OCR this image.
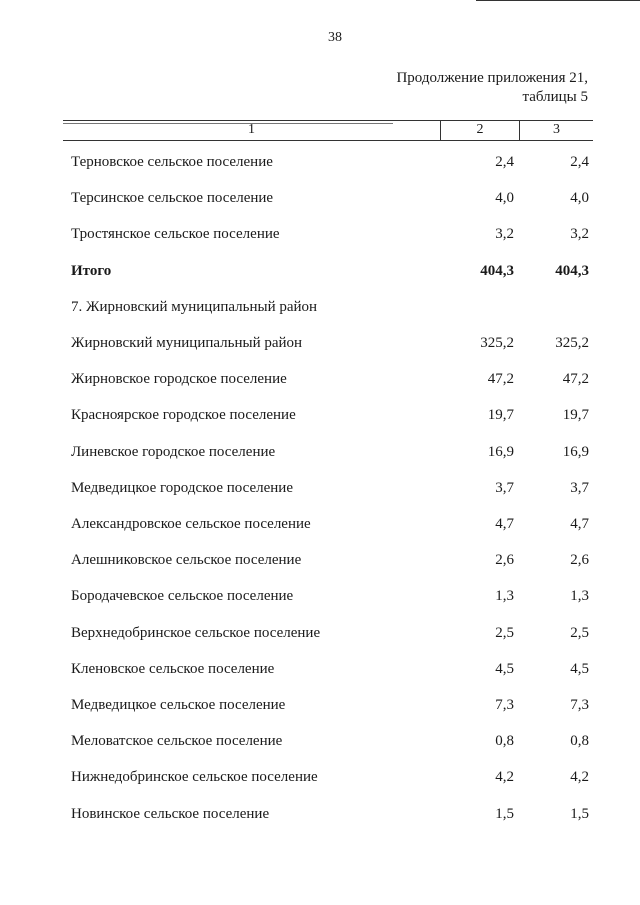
38
Продолжение приложения 21,
таблицы 5
1	2	3
Терновское сельское поселение	2,4	2,4
Терсинское сельское поселение	4,0	4,0
Тростянское сельское поселение	3,2	3,2
Итого	404,3	404,3
7. Жирновский муниципальный район
Жирновский муниципальный район	325,2	325,2
Жирновское городское поселение	47,2	47,2
Красноярское городское поселение	19,7	19,7
Линевское городское поселение	16,9	16,9
Медведицкое городское поселение	3,7	3,7
Александровское сельское поселение	4,7	4,7
Алешниковское сельское поселение	2,6	2,6
Бородачевское сельское поселение	1,3	1,3
Верхнедобринское сельское поселение	2,5	2,5
Кленовское сельское поселение	4,5	4,5
Медведицкое сельское поселение	7,3	7,3
Меловатское сельское поселение	0,8	0,8
Нижнедобринское сельское поселение	4,2	4,2
Новинское сельское поселение	1,5	1,5
